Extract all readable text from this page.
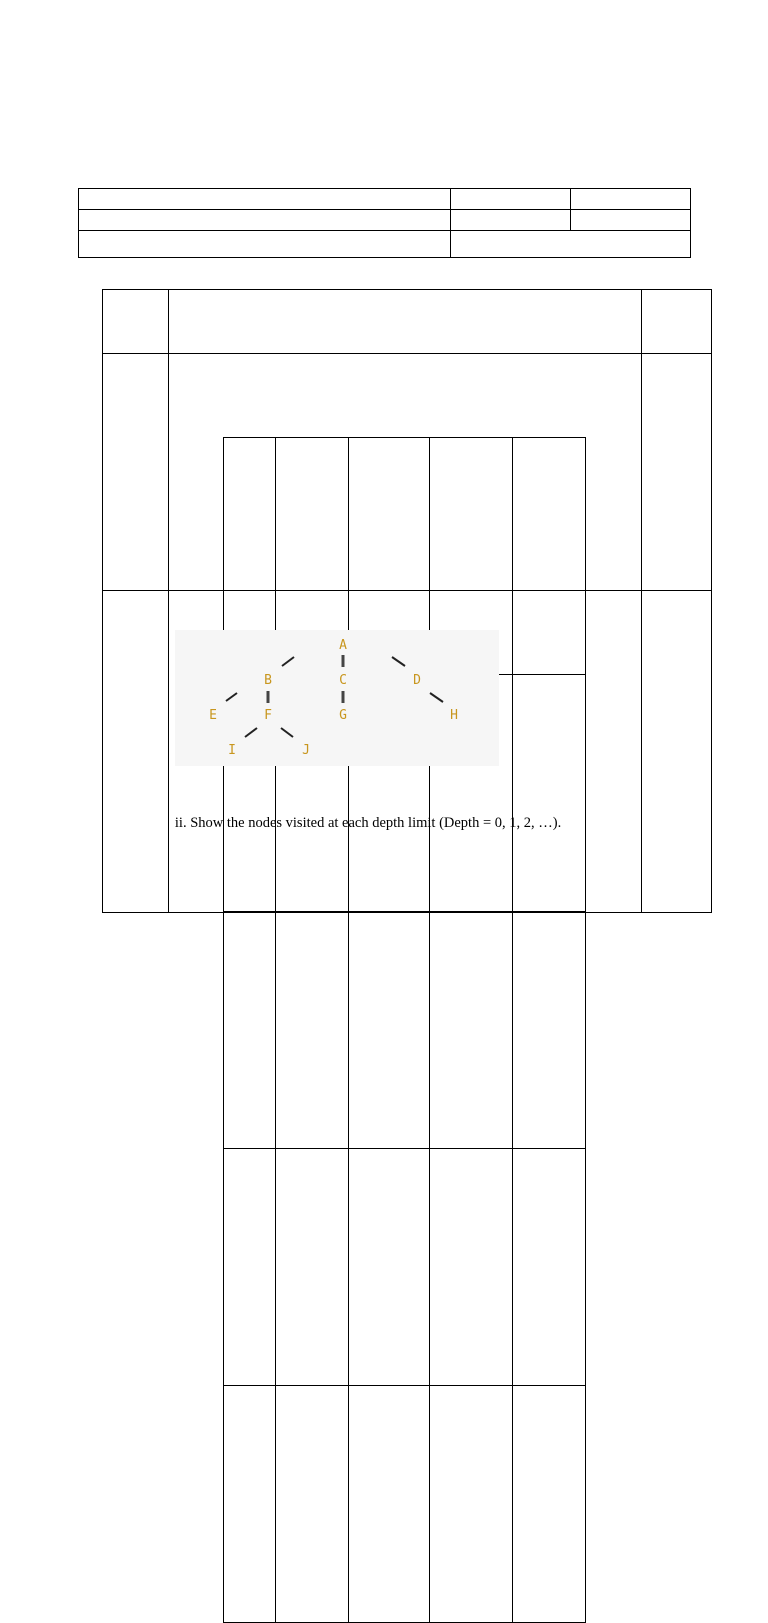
A
B	C	D
E	F	G	H
I	J

ii. Show the nodes visited at each depth limit (Depth = 0, 1, 2, …).
